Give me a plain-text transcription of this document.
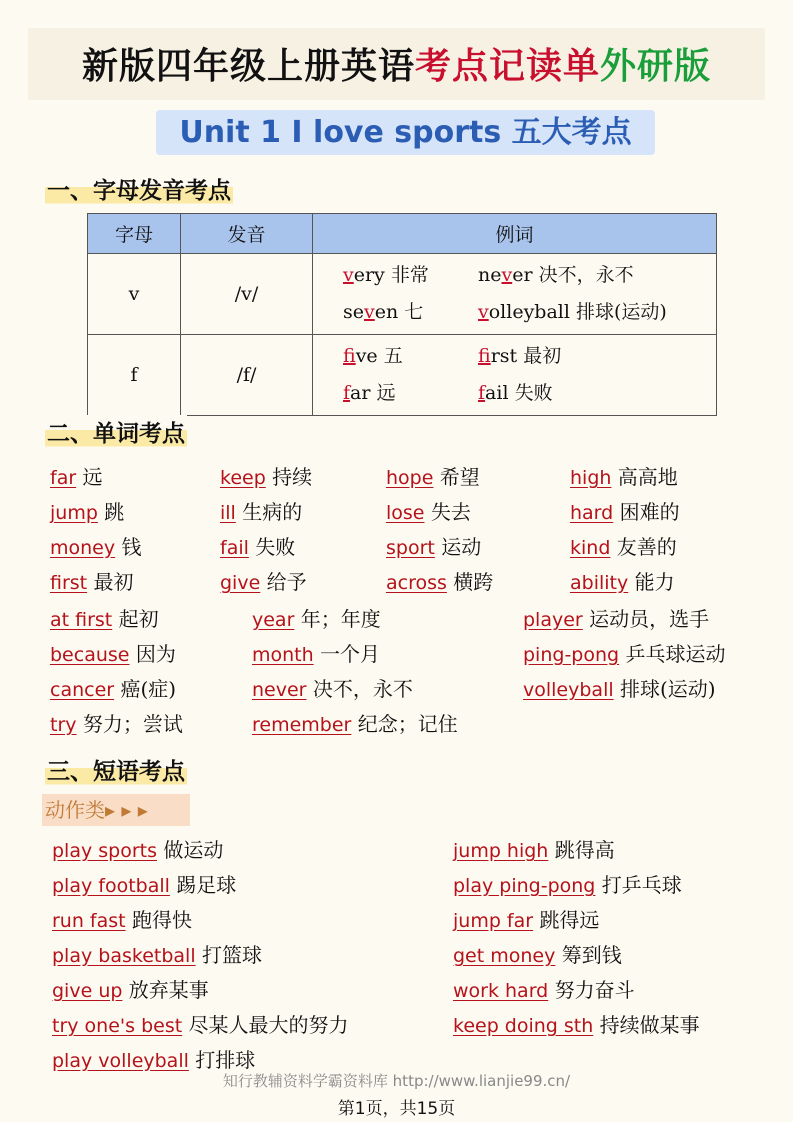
新版四年级上册英语考点记读单外研版
Unit 1 I love sports 五大考点
一、字母发音考点
字母	发音	例词
v	/v/	very 非常 never 决不，永不
seven 七 volleyball 排球(运动)

f	/f/	five 五 first 最初
far 远 fail 失败
二、单词考点
far 远	keep 持续	hope 希望	high 高高地
jump 跳	ill 生病的	lose 失去	hard 困难的
money 钱	fail 失败	sport 运动	kind 友善的
first 最初	give 给予	across 横跨	ability 能力
at first 起初	year 年；年度	player 运动员，选手
because 因为	month 一个月	ping-pong 乒乓球运动
cancer 癌(症)	never 决不，永不	volleyball 排球(运动)
try 努力；尝试	remember 纪念；记住
三、短语考点
动作类▸ ▸ ▸
play sports 做运动	jump high 跳得高
play football 踢足球	play ping-pong 打乒乓球
run fast 跑得快	jump far 跳得远
play basketball 打篮球	get money 筹到钱
give up 放弃某事	work hard 努力奋斗
try one's best 尽某人最大的努力	keep doing sth 持续做某事
play volleyball 打排球
知行教辅资料学霸资料库 http://www.lianjie99.cn/
第1页，共15页
